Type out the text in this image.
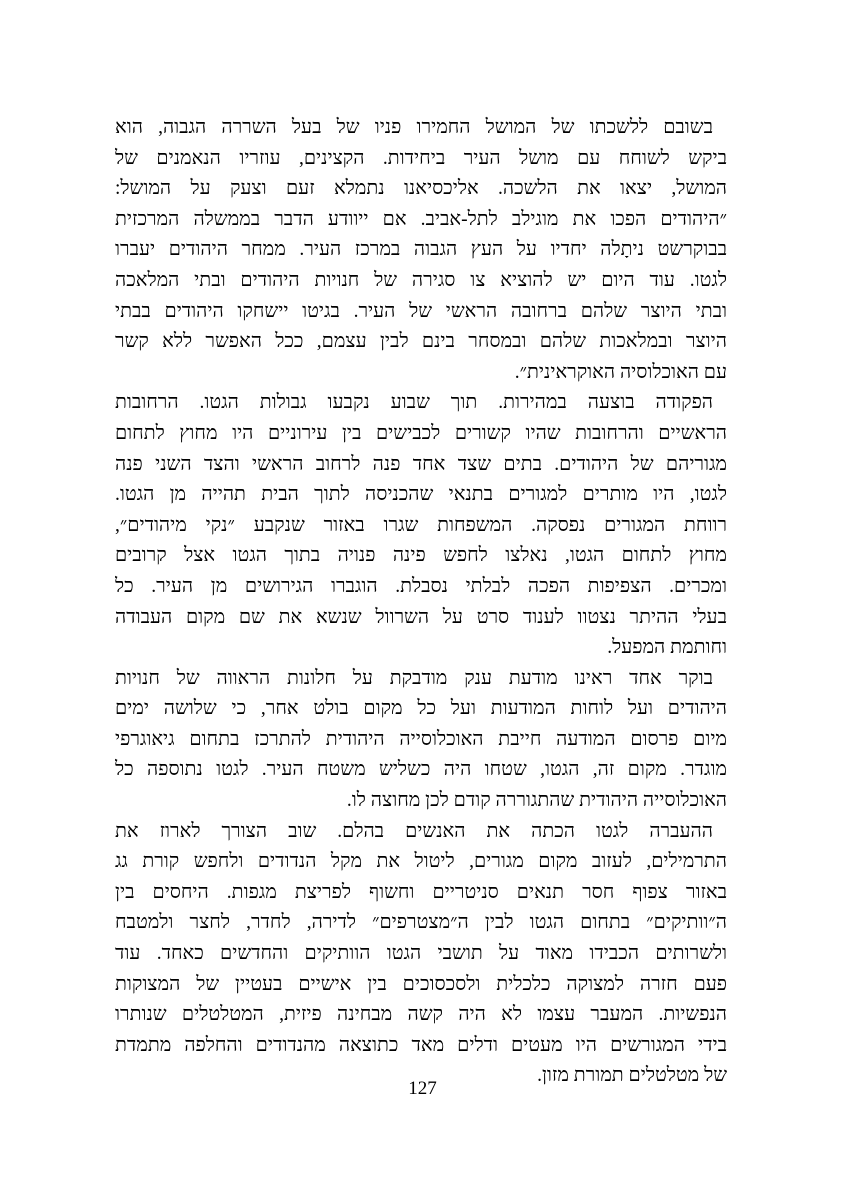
בשובם ללשכתו של המושל החמירו פניו של בעל השררה הגבוה, הוא
ביקש לשוחח עם מושל העיר ביחידות. הקצינים, עוזריו הנאמנים של
המושל, יצאו את הלשכה. אליכסיאנו נתמלא זעם וצעק על המושל:
״היהודים הפכו את מוגילב לתל-אביב. אם ייוודע הדבר בממשלה המרכזית
בבוקרשט ניתָלה יחדיו על העץ הגבוה במרכז העיר. ממחר היהודים יעברו
לגטו. עוד היום יש להוציא צו סגירה של חנויות היהודים ובתי המלאכה
ובתי היוצר שלהם ברחובה הראשי של העיר. בגיטו יישחקו היהודים בבתי
היוצר ובמלאכות שלהם ובמסחר בינם לבין עצמם, ככל האפשר ללא קשר
עם האוכלוסיה האוקראינית״.
הפקודה בוצעה במהירות. תוך שבוע נקבעו גבולות הגטו. הרחובות
הראשיים והרחובות שהיו קשורים לכבישים בין עירוניים היו מחוץ לתחום
מגוריהם של היהודים. בתים שצד אחד פנה לרחוב הראשי והצד השני פנה
לגטו, היו מותרים למגורים בתנאי שהכניסה לתוך הבית תהייה מן הגטו.
רווחת המגורים נפסקה. המשפחות שגרו באזור שנקבע ״נקי מיהודים״,
מחוץ לתחום הגטו, נאלצו לחפש פינה פנויה בתוך הגטו אצל קרובים
ומכרים. הצפיפות הפכה לבלתי נסבלת. הוגברו הגירושים מן העיר. כל
בעלי ההיתר נצטוו לענוד סרט על השרוול שנשא את שם מקום העבודה
וחותמת המפעל.
בוקר אחד ראינו מודעת ענק מודבקת על חלונות הראווה של חנויות
היהודים ועל לוחות המודעות ועל כל מקום בולט אחר, כי שלושה ימים
מיום פרסום המודעה חייבת האוכלוסייה היהודית להתרכז בתחום גיאוגרפי
מוגדר. מקום זה, הגטו, שטחו היה כשליש משטח העיר. לגטו נתוספה כל
האוכלוסייה היהודית שהתגוררה קודם לכן מחוצה לו.
ההעברה לגטו הכתה את האנשים בהלם. שוב הצורך לארוז את
התרמילים, לעזוב מקום מגורים, ליטול את מקל הנדודים ולחפש קורת גג
באזור צפוף חסר תנאים סניטריים וחשוף לפריצת מגפות. היחסים בין
ה״וותיקים״ בתחום הגטו לבין ה״מצטרפים״ לדירה, לחדר, לחצר ולמטבח
ולשרותים הכבידו מאוד על תושבי הגטו הוותיקים והחדשים כאחד. עוד
פעם חזרה למצוקה כלכלית ולסכסוכים בין אישיים בעטיין של המצוקות
הנפשיות. המעבר עצמו לא היה קשה מבחינה פיזית, המטלטלים שנותרו
בידי המגורשים היו מעטים ודלים מאד כתוצאה מהנדודים והחלפה מתמדת
של מטלטלים תמורת מזון.
127
